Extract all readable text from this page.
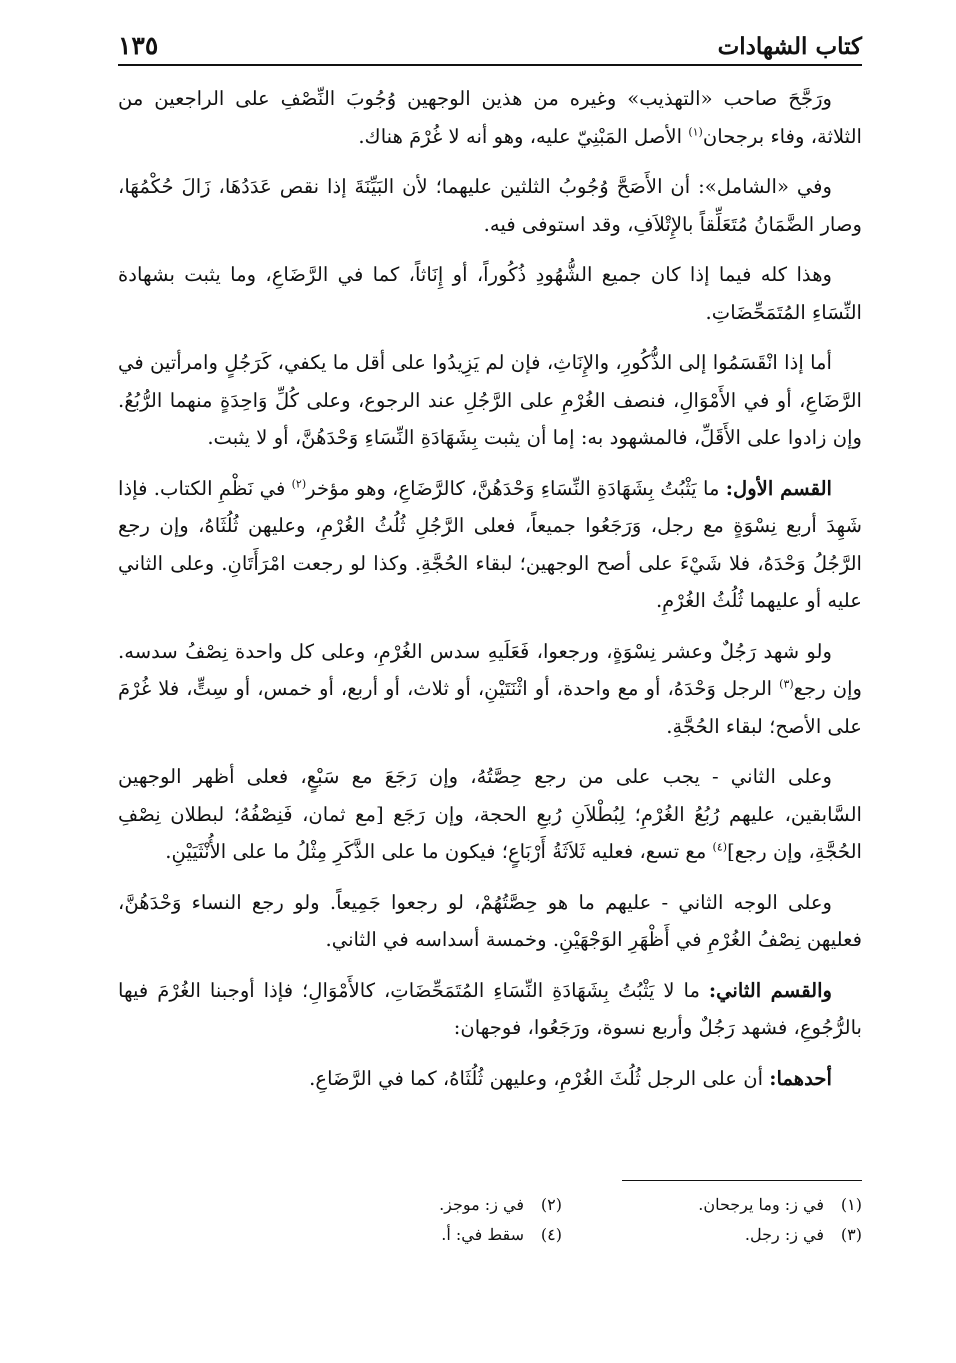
كتاب الشهادات
١٣٥

ورَجَّحَ صاحب «التهذيب» وغيره من هذين الوجهين وُجُوبَ النِّصْفِ على الراجعين من الثلاثة، وفاء برجحان$^{(١)}$ الأصل المَبْنِيّ عليه، وهو أنه لا غُرْمَ هناك.

وفي «الشامل»: أن الأَصَحَّ وُجُوبُ الثلثين عليهما؛ لأن البَيِّنَةَ إذا نقص عَدَدُهَا، زَالَ حُكْمُهَا، وصار الضَّمَانُ مُتَعَلِّقاً بالإِتْلاَفِ، وقد استوفى فيه.

وهذا كله فيما إذا كان جميع الشُّهُودِ ذُكُوراً، أو إِنَاثاً، كما في الرَّضَاعِ، وما يثبت بشهادة النِّسَاءِ المُتَمَحِّضَاتِ.

أما إذا انْقَسَمُوا إلى الذُّكُورِ، والإِنَاثِ، فإن لم يَزِيدُوا على أقل ما يكفي، كَرَجُلٍ وامرأتين في الرَّضَاعِ، أو في الأَمْوَالِ، فنصف الغُرْمِ على الرَّجُلِ عند الرجوع، وعلى كُلِّ وَاحِدَةٍ منهما الرُّبُعُ. وإن زادوا على الأَقَلِّ، فالمشهود به: إما أن يثبت بِشَهَادَةِ النِّسَاءِ وَحْدَهُنَّ، أو لا يثبت.

القسم الأول: ما يَثْبُتُ بِشَهَادَةِ النِّسَاءِ وَحْدَهُنَّ، كالرَّضَاعِ، وهو مؤخر$^{(٢)}$ في نَظْمِ الكتاب. فإذا شَهِدَ أربع نِسْوَةٍ مع رجل، وَرَجَعُوا جميعاً، فعلى الرَّجُلِ ثُلُثُ الغُرْمِ، وعليهن ثُلُثَاهُ، وإن رجع الرَّجُلُ وَحْدَهُ، فلا شَيْءَ على أصح الوجهين؛ لبقاء الحُجَّةِ. وكذا لو رجعت امْرَأَتَانِ. وعلى الثاني عليه أو عليهما ثُلُثُ الغُرْمِ.

ولو شهد رَجُلٌ وعشر نِسْوَةٍ، ورجعوا، فَعَلَيهِ سدس الغُرْمِ، وعلى كل واحدة نِصْفُ سدسه. وإن رجع$^{(٣)}$ الرجل وَحْدَهُ، أو مع واحدة، أو اثْنَتَيْنِ، أو ثلاث، أو أربع، أو خمس، أو سِتٍّ، فلا غُرْمَ على الأصح؛ لبقاء الحُجَّةِ.

وعلى الثاني - يجب على من رجع حِصَّتُهُ، وإن رَجَعَ مع سَبْعٍ، فعلى أظهر الوجهين السَّابقين، عليهم رُبُعُ الغُرْمِ؛ لِبُطْلاَنِ رُبعِ الحجة، وإن رَجَع [مع ثمان، فَنِصْفُهُ؛ لبطلان نِصْفِ الحُجَّةِ، وإن رجع]$^{(٤)}$ مع تسع، فعليه ثَلاَثَةُ أَرْبَاعٍ؛ فيكون ما على الذَّكَرِ مِثْلُ ما على الأُنْثَيَيْنِ.

وعلى الوجه الثاني - عليهم ما هو حِصَّتُهُمْ، لو رجعوا جَمِيعاً. ولو رجع النساء وَحْدَهُنَّ، فعليهن نِصْفُ الغُرْمِ في أَظْهَرِ الوَجْهَيْنِ. وخمسة أسداسه في الثاني.

والقسم الثاني: ما لا يَثْبُتُ بِشَهَادَةِ النِّسَاءِ المُتَمَحِّضَاتِ، كالأَمْوَالِ؛ فإذا أوجبنا الغُرْمَ فيها بالرُّجُوعِ، فشهد رَجُلٌ وأربع نسوة، ورَجَعُوا، فوجهان:

أحدهما: أن على الرجل ثُلُثَ الغُرْمِ، وعليهن ثُلُثَاهُ، كما في الرَّضَاعِ.

(١)
في ز: وما يرجحان.
(٢)
في ز: موجز.
(٣)
في ز: رجل.
(٤)
سقط في: أ.
